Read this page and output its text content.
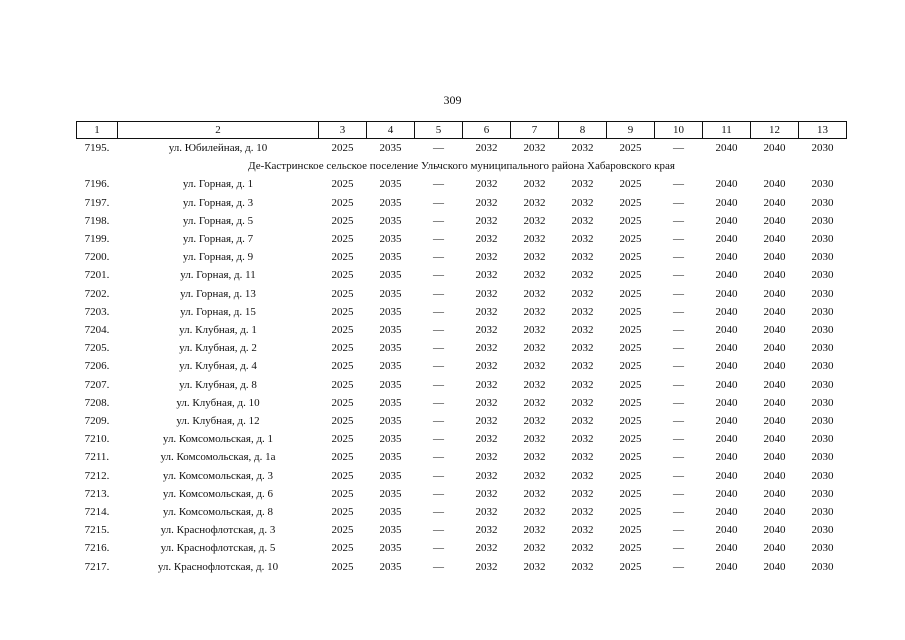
309
1	2	3	4	5	6	7	8	9	10	11	12	13
7195.	ул. Юбилейная, д. 10	2025	2035	—	2032	2032	2032	2025	—	2040	2040	2030
Де-Кастринское сельское поселение Ульчского муниципального района Хабаровского края												
7196.	ул. Горная, д. 1	2025	2035	—	2032	2032	2032	2025	—	2040	2040	2030
7197.	ул. Горная, д. 3	2025	2035	—	2032	2032	2032	2025	—	2040	2040	2030
7198.	ул. Горная, д. 5	2025	2035	—	2032	2032	2032	2025	—	2040	2040	2030
7199.	ул. Горная, д. 7	2025	2035	—	2032	2032	2032	2025	—	2040	2040	2030
7200.	ул. Горная, д. 9	2025	2035	—	2032	2032	2032	2025	—	2040	2040	2030
7201.	ул. Горная, д. 11	2025	2035	—	2032	2032	2032	2025	—	2040	2040	2030
7202.	ул. Горная, д. 13	2025	2035	—	2032	2032	2032	2025	—	2040	2040	2030
7203.	ул. Горная, д. 15	2025	2035	—	2032	2032	2032	2025	—	2040	2040	2030
7204.	ул. Клубная, д. 1	2025	2035	—	2032	2032	2032	2025	—	2040	2040	2030
7205.	ул. Клубная, д. 2	2025	2035	—	2032	2032	2032	2025	—	2040	2040	2030
7206.	ул. Клубная, д. 4	2025	2035	—	2032	2032	2032	2025	—	2040	2040	2030
7207.	ул. Клубная, д. 8	2025	2035	—	2032	2032	2032	2025	—	2040	2040	2030
7208.	ул. Клубная, д. 10	2025	2035	—	2032	2032	2032	2025	—	2040	2040	2030
7209.	ул. Клубная, д. 12	2025	2035	—	2032	2032	2032	2025	—	2040	2040	2030
7210.	ул. Комсомольская, д. 1	2025	2035	—	2032	2032	2032	2025	—	2040	2040	2030
7211.	ул. Комсомольская, д. 1а	2025	2035	—	2032	2032	2032	2025	—	2040	2040	2030
7212.	ул. Комсомольская, д. 3	2025	2035	—	2032	2032	2032	2025	—	2040	2040	2030
7213.	ул. Комсомольская, д. 6	2025	2035	—	2032	2032	2032	2025	—	2040	2040	2030
7214.	ул. Комсомольская, д. 8	2025	2035	—	2032	2032	2032	2025	—	2040	2040	2030
7215.	ул. Краснофлотская, д. 3	2025	2035	—	2032	2032	2032	2025	—	2040	2040	2030
7216.	ул. Краснофлотская, д. 5	2025	2035	—	2032	2032	2032	2025	—	2040	2040	2030
7217.	ул. Краснофлотская, д. 10	2025	2035	—	2032	2032	2032	2025	—	2040	2040	2030
